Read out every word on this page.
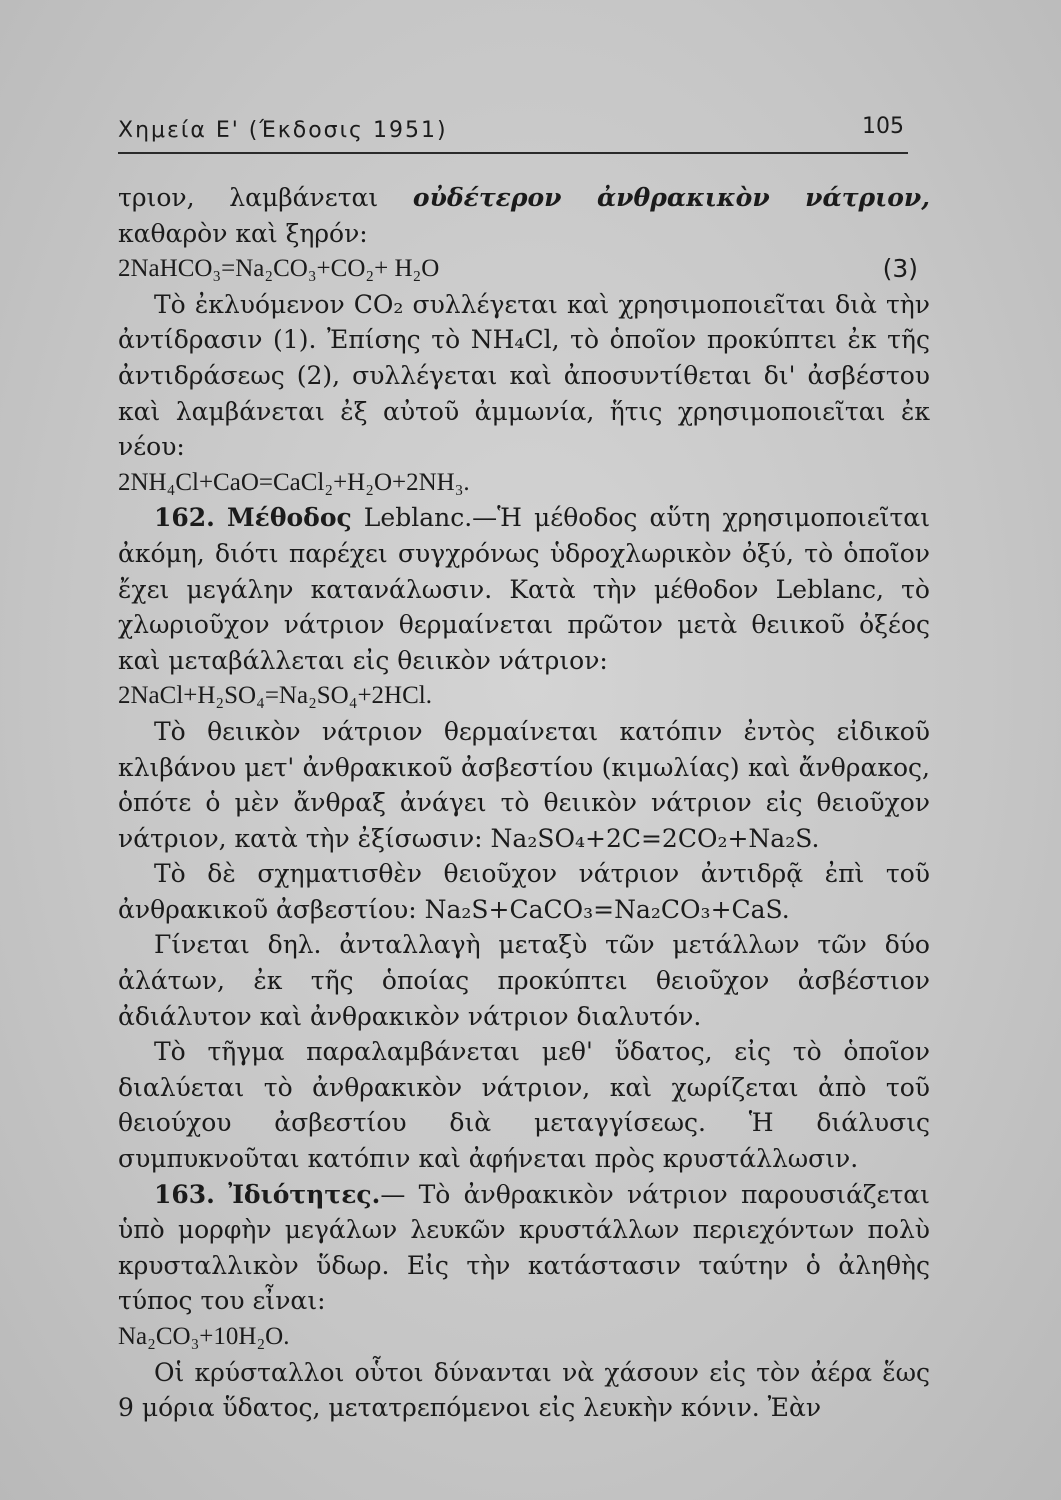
Χημεία Ε' (Έκδοσις 1951)	105

τριον, λαμβάνεται οὐδέτερον ἀνθρακικὸν νάτριον, καθαρὸν καὶ ξηρόν:

2NaHCO₃=Na₂CO₃+CO₂+ H₂O	(3)

Τὸ ἐκλυόμενον CO₂ συλλέγεται καὶ χρησιμοποιεῖται διὰ τὴν ἀντίδρασιν (1). Ἐπίσης τὸ NH₄Cl, τὸ ὁποῖον προκύπτει ἐκ τῆς ἀντιδράσεως (2), συλλέγεται καὶ ἀποσυντίθεται δι' ἀσβέστου καὶ λαμβάνεται ἐξ αὐτοῦ ἀμμωνία, ἥτις χρησιμοποιεῖται ἐκ νέου:

2NH₄Cl+CaO=CaCl₂+H₂O+2NH₃.

162. Μέθοδος Leblanc.—Ἡ μέθοδος αὕτη χρησιμοποιεῖται ἀκόμη, διότι παρέχει συγχρόνως ὑδροχλωρικὸν ὀξύ, τὸ ὁποῖον ἔχει μεγάλην κατανάλωσιν. Κατὰ τὴν μέθοδον Leblanc, τὸ χλωριοῦχον νάτριον θερμαίνεται πρῶτον μετὰ θειικοῦ ὀξέος καὶ μεταβάλλεται εἰς θειικὸν νάτριον:

2NaCl+H₂SO₄=Na₂SO₄+2HCl.

Τὸ θειικὸν νάτριον θερμαίνεται κατόπιν ἐντὸς εἰδικοῦ κλιβάνου μετ' ἀνθρακικοῦ ἀσβεστίου (κιμωλίας) καὶ ἄνθρακος, ὁπότε ὁ μὲν ἄνθραξ ἀνάγει τὸ θειικὸν νάτριον εἰς θειοῦχον νάτριον, κατὰ τὴν ἐξίσωσιν: Na₂SO₄+2C=2CO₂+Na₂S.

Τὸ δὲ σχηματισθὲν θειοῦχον νάτριον ἀντιδρᾷ ἐπὶ τοῦ ἀνθρακικοῦ ἀσβεστίου: Na₂S+CaCO₃=Na₂CO₃+CaS.

Γίνεται δηλ. ἀνταλλαγὴ μεταξὺ τῶν μετάλλων τῶν δύο ἀλάτων, ἐκ τῆς ὁποίας προκύπτει θειοῦχον ἀσβέστιον ἀδιάλυτον καὶ ἀνθρακικὸν νάτριον διαλυτόν.

Τὸ τῆγμα παραλαμβάνεται μεθ' ὕδατος, εἰς τὸ ὁποῖον διαλύεται τὸ ἀνθρακικὸν νάτριον, καὶ χωρίζεται ἀπὸ τοῦ θειούχου ἀσβεστίου διὰ μεταγγίσεως. Ἡ διάλυσις συμπυκνοῦται κατόπιν καὶ ἀφήνεται πρὸς κρυστάλλωσιν.

163. Ἰδιότητες.— Τὸ ἀνθρακικὸν νάτριον παρουσιάζεται ὑπὸ μορφὴν μεγάλων λευκῶν κρυστάλλων περιεχόντων πολὺ κρυσταλλικὸν ὕδωρ. Εἰς τὴν κατάστασιν ταύτην ὁ ἀληθὴς τύπος του εἶναι:

Na₂CO₃+10H₂O.

Οἱ κρύσταλλοι οὗτοι δύνανται νὰ χάσουν εἰς τὸν ἀέρα ἕως 9 μόρια ὕδατος, μετατρεπόμενοι εἰς λευκὴν κόνιν. Ἐὰν
